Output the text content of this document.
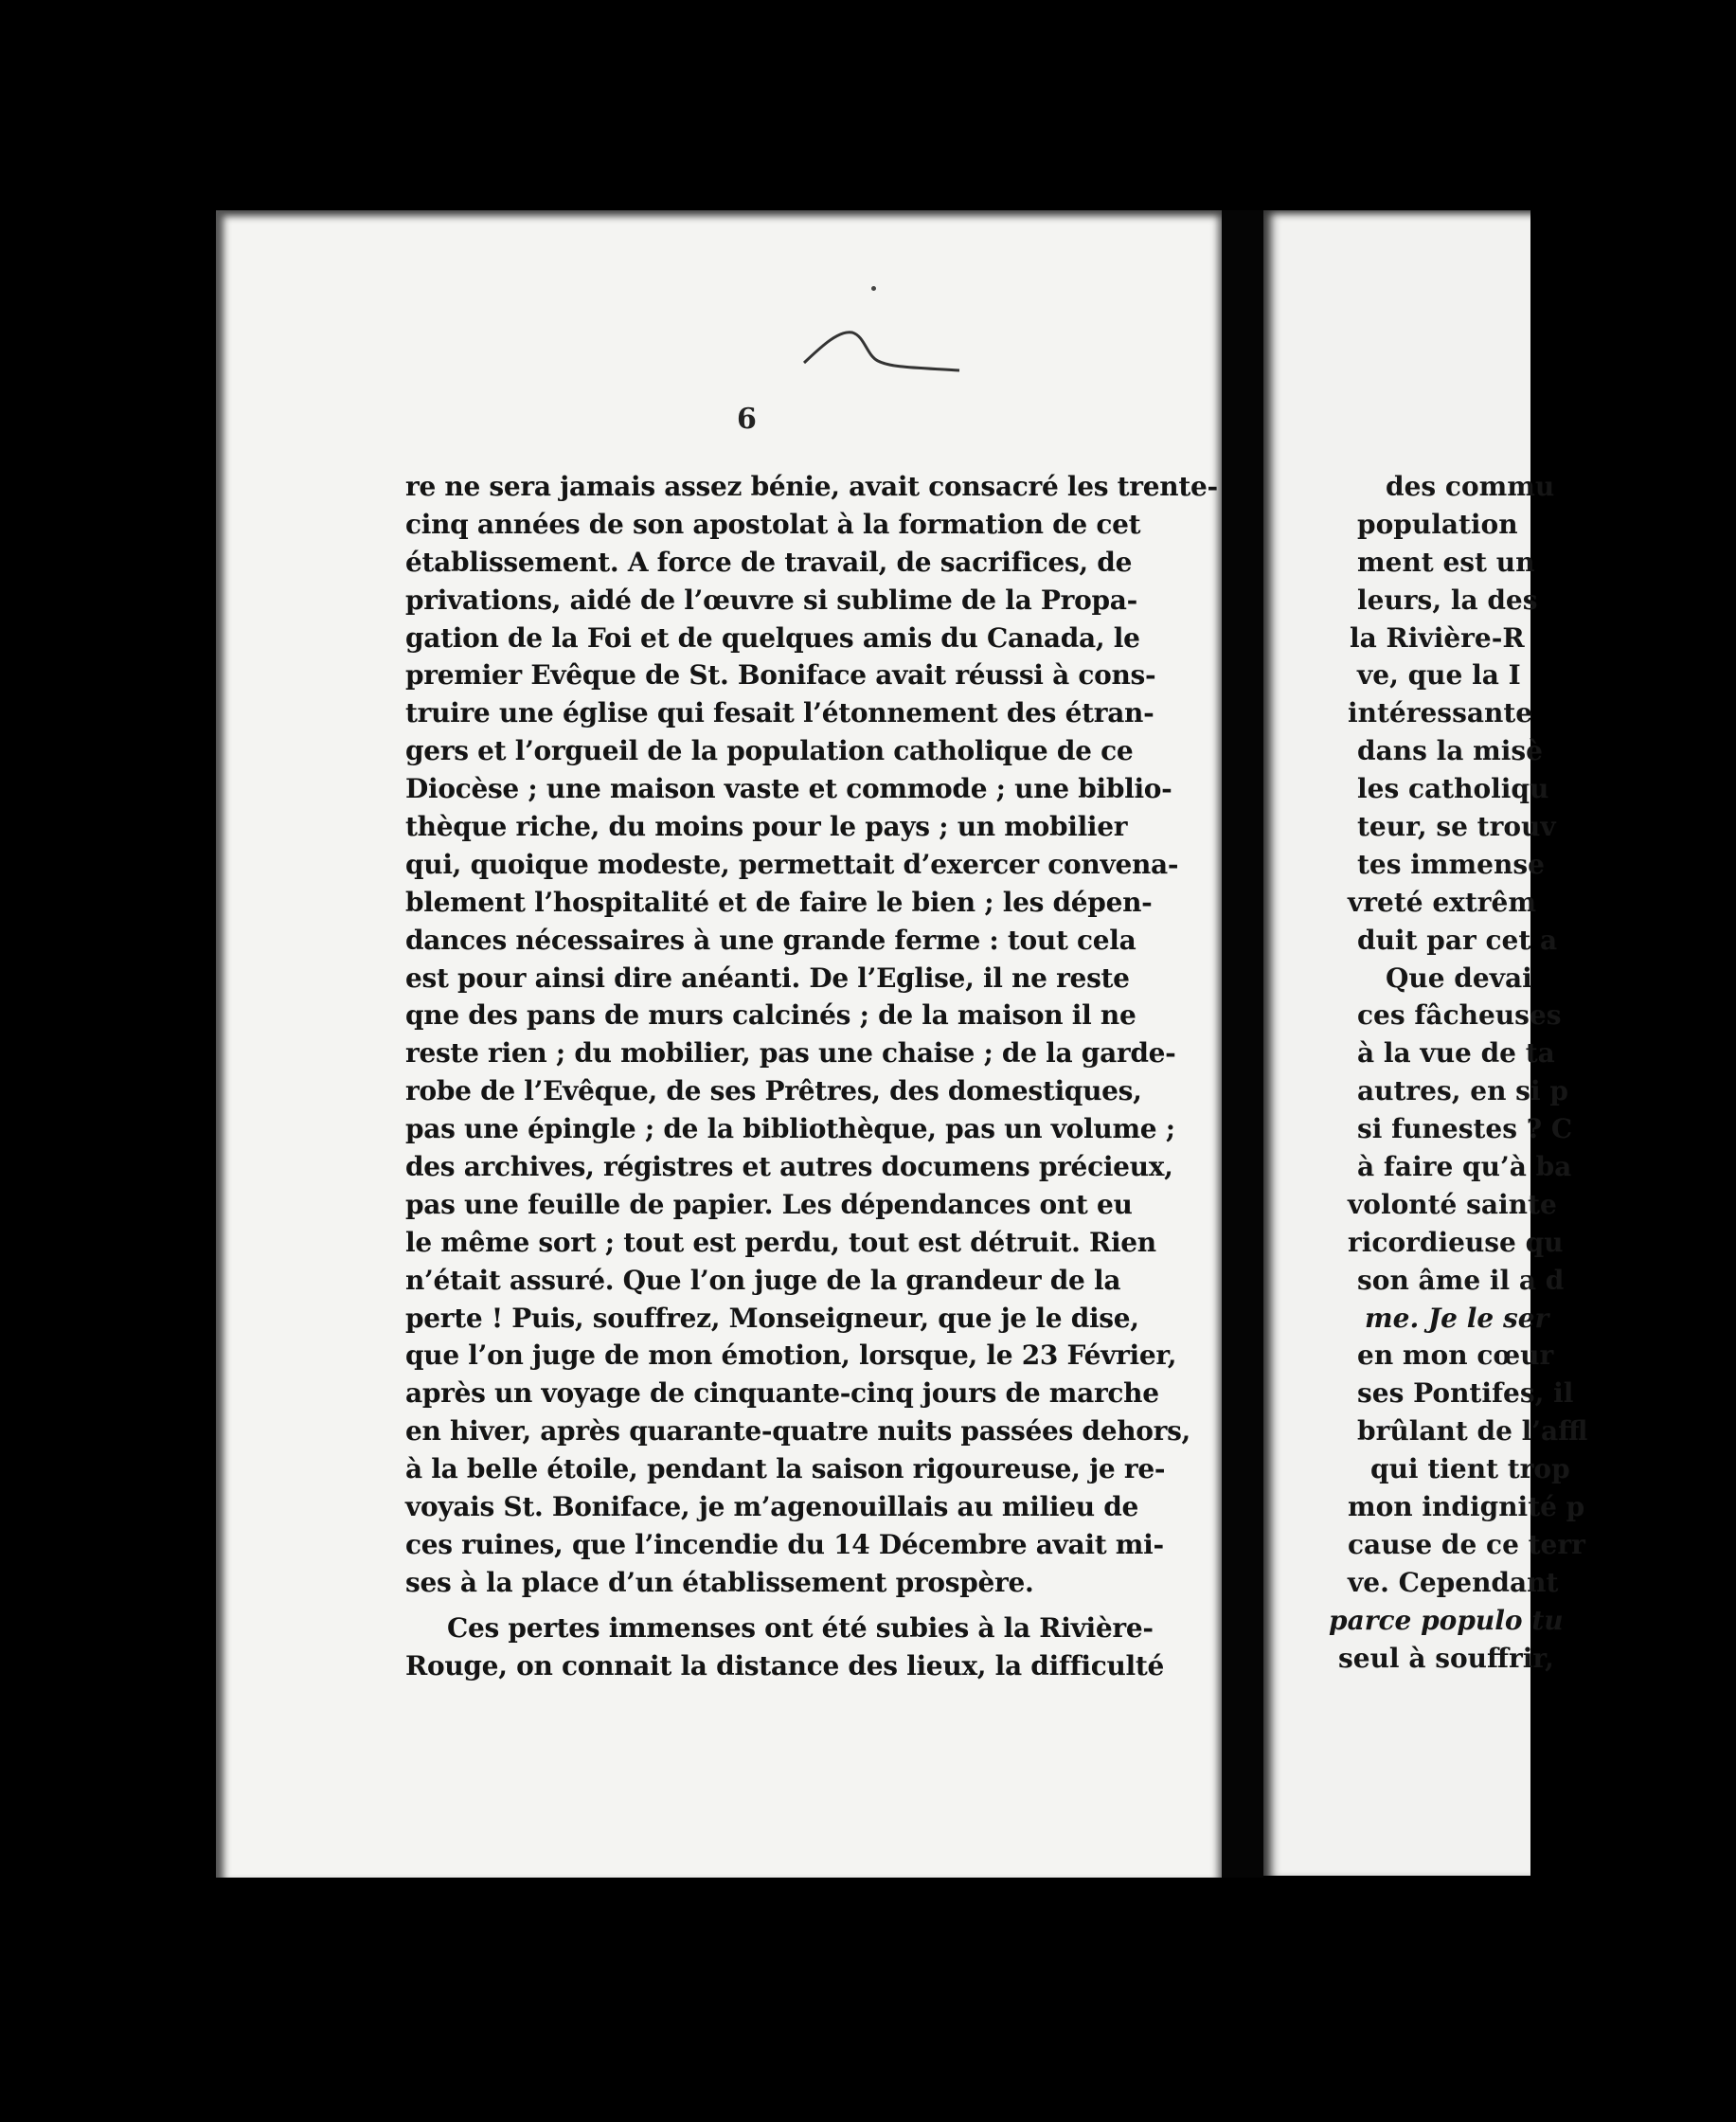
6
re ne sera jamais assez bénie, avait consacré les trente-
cinq années de son apostolat à la formation de cet
établissement. A force de travail, de sacrifices, de
privations, aidé de l’œuvre si sublime de la Propa-
gation de la Foi et de quelques amis du Canada, le
premier Evêque de St. Boniface avait réussi à cons-
truire une église qui fesait l’étonnement des étran-
gers et l’orgueil de la population catholique de ce
Diocèse ; une maison vaste et commode ; une biblio-
thèque riche, du moins pour le pays ; un mobilier
qui, quoique modeste, permettait d’exercer convena-
blement l’hospitalité et de faire le bien ; les dépen-
dances nécessaires à une grande ferme : tout cela
est pour ainsi dire anéanti. De l’Eglise, il ne reste
qne des pans de murs calcinés ; de la maison il ne
reste rien ; du mobilier, pas une chaise ; de la garde-
robe de l’Evêque, de ses Prêtres, des domestiques,
pas une épingle ; de la bibliothèque, pas un volume ;
des archives, régistres et autres documens précieux,
pas une feuille de papier. Les dépendances ont eu
le même sort ; tout est perdu, tout est détruit. Rien
n’était assuré. Que l’on juge de la grandeur de la
perte ! Puis, souffrez, Monseigneur, que je le dise,
que l’on juge de mon émotion, lorsque, le 23 Février,
après un voyage de cinquante-cinq jours de marche
en hiver, après quarante-quatre nuits passées dehors,
à la belle étoile, pendant la saison rigoureuse, je re-
voyais St. Boniface, je m’agenouillais au milieu de
ces ruines, que l’incendie du 14 Décembre avait mi-
ses à la place d’un établissement prospère.
Ces pertes immenses ont été subies à la Rivière-
Rouge, on connait la distance des lieux, la difficulté
des commu
population
ment est un
leurs, la des
la Rivière-R
ve, que la I
intéressante
dans la misè
les catholiqu
teur, se trouv
tes immense
vreté extrêm
duit par cet a
Que devai
ces fâcheuses
à la vue de ta
autres, en si p
si funestes ? C
à faire qu’à ba
volonté sainte
ricordieuse qu
son âme il a d
me. Je le ser
en mon cœur
ses Pontifes, il
brûlant de l’affl
qui tient trop
mon indignité p
cause de ce terr
ve. Cependant
parce populo tu
seul à souffrir,
